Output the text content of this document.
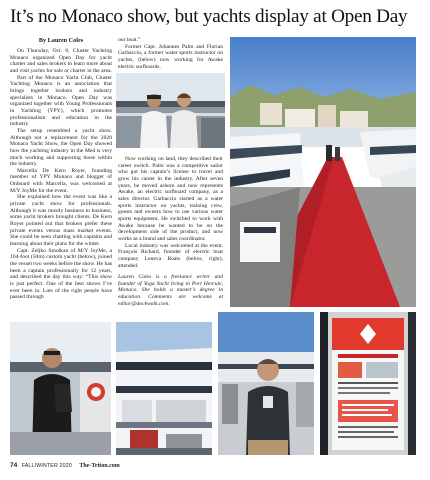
It’s no Monaco show, but yachts display at Open Day
By Lauren Coles

On Thursday, Oct. 8, Cluster Yachting Monaco organized Open Day for yacht charter and sales brokers to learn more about and visit yachts for sale or charter in the area.

Part of the Monaco Yacht Club, Cluster Yachting Monaco is an association that brings together brokers and industry specialists in Monaco. Open Day was organized together with Young Professionals in Yachting (YPY), which promotes professionalism and education in the industry.

The setup resembled a yacht show. Although not a replacement for the 2020 Monaco Yacht Show, the Open Day showed how the yachting industry in the Med is very much working and supporting those within the industry.

Marcella De Kern Royer, founding member of YPY Monaco and blogger of Onboard with Marcella, was welcomed at M/Y JoyMe for the event.

She explained how the event was like a private yacht show for professionals. Although it was mostly business to business, some yacht brokers brought clients. De Kern Royer pointed out that brokers prefer these private events versus mass market events. She could be seen chatting with captains and learning about their plans for the winter.

Capt. Zeljko Smolkan of M/Y JoyMe, a 164-foot (50m) custom yacht (below), joined the vessel two weeks before the show. He has been a captain professionally for 12 years, and described the day this way: “This show is just perfect. One of the best shows I’ve ever been in. Lots of the right people have passed through

our boat.”

Former Capt. Johannes Palm and Florian Garbaccio, a former water sports instructor on yachts, (below) now working for Awake electric surfboards.

Now working on land, they described their career switch. Palm was a competitive sailor who got his captain’s license to travel and grow his career in the industry. After seven years, he moved ashore and now represents Awake, an electric surfboard company, as a sales director. Garbaccio started as a water sports instructor on yachts, training crew, guests and owners how to use various water sports equipment. He switched to work with Awake because he wanted to be on the development side of the product, and now works as a brand and sales coordinator.

Local industry was welcomed at the event. François Richard, founder of electric boat company Leneva Boats (below, right), attended.

Lauren Coles is a freelance writer and founder of Yoga Yacht living in Port Hercule, Monaco. She holds a master’s degree in education. Comments are welcome at editor@dockwalk.com.

74 FALL/WINTER 2020 The-Triton.com
